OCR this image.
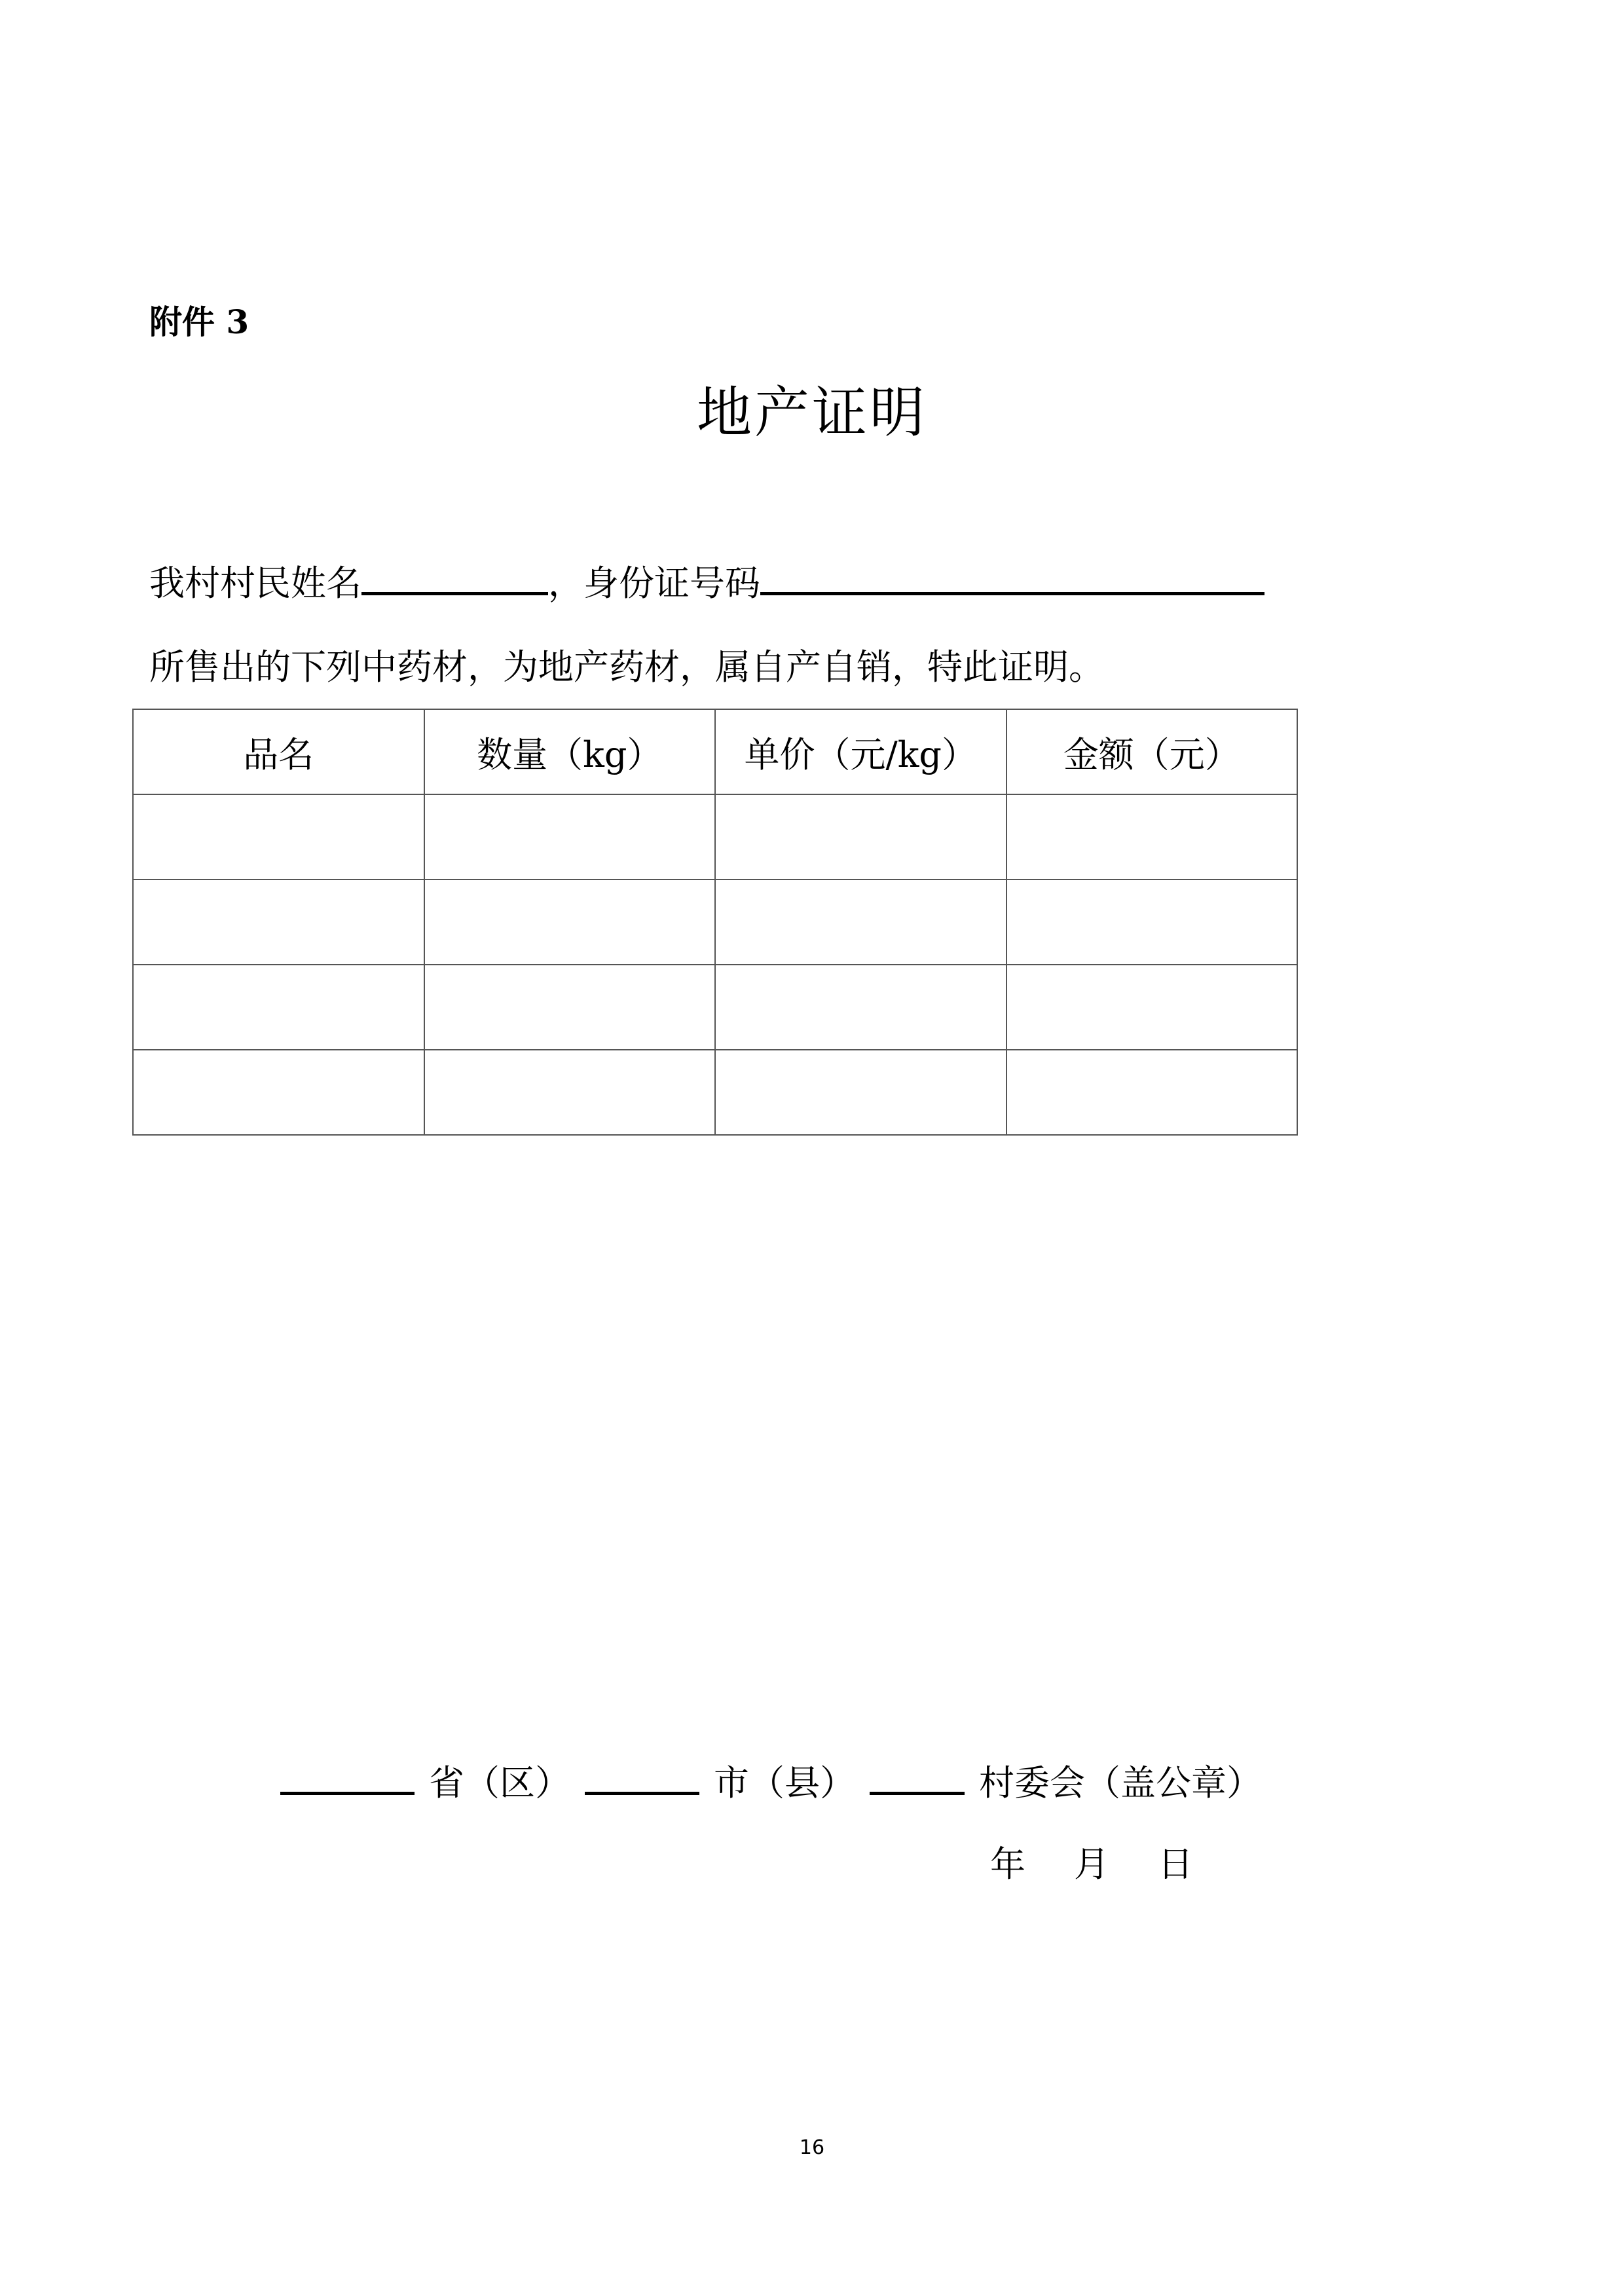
附件 3
地产证明
我村村民姓名	，身份证号码
所售出的下列中药材，为地产药材，属自产自销，特此证明。
品名	数量（kg）	单价（元/kg）	金额（元）

省（区）	市（县）	村委会（盖公章）
年 月 日
16
